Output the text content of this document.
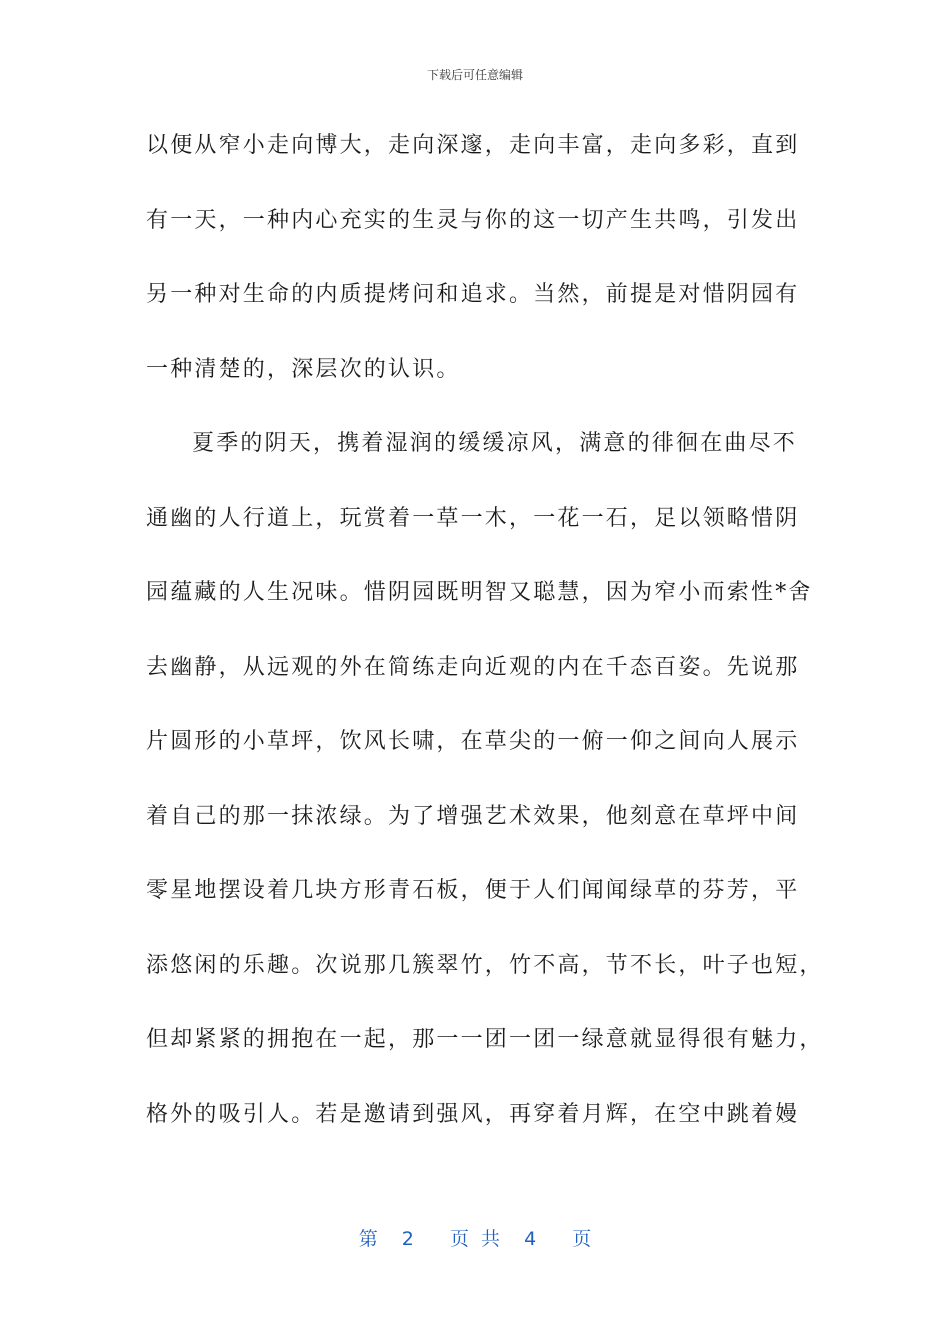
下载后可任意编辑
以便从窄小走向博大，走向深邃，走向丰富，走向多彩，直到
有一天，一种内心充实的生灵与你的这一切产生共鸣，引发出
另一种对生命的内质提烤问和追求。当然，前提是对惜阴园有
一种清楚的，深层次的认识。
夏季的阴天，携着湿润的缓缓凉风，满意的徘徊在曲尽不
通幽的人行道上，玩赏着一草一木，一花一石，足以领略惜阴
园蕴藏的人生况味。惜阴园既明智又聪慧，因为窄小而索性*舍
去幽静，从远观的外在简练走向近观的内在千态百姿。先说那
片圆形的小草坪，饮风长啸，在草尖的一俯一仰之间向人展示
着自己的那一抹浓绿。为了增强艺术效果，他刻意在草坪中间
零星地摆设着几块方形青石板，便于人们闻闻绿草的芬芳，平
添悠闲的乐趣。次说那几簇翠竹，竹不高，节不长，叶子也短，
但却紧紧的拥抱在一起，那一一团一团一绿意就显得很有魅力，
格外的吸引人。若是邀请到强风，再穿着月辉，在空中跳着嫚
第  2   页 共  4   页
